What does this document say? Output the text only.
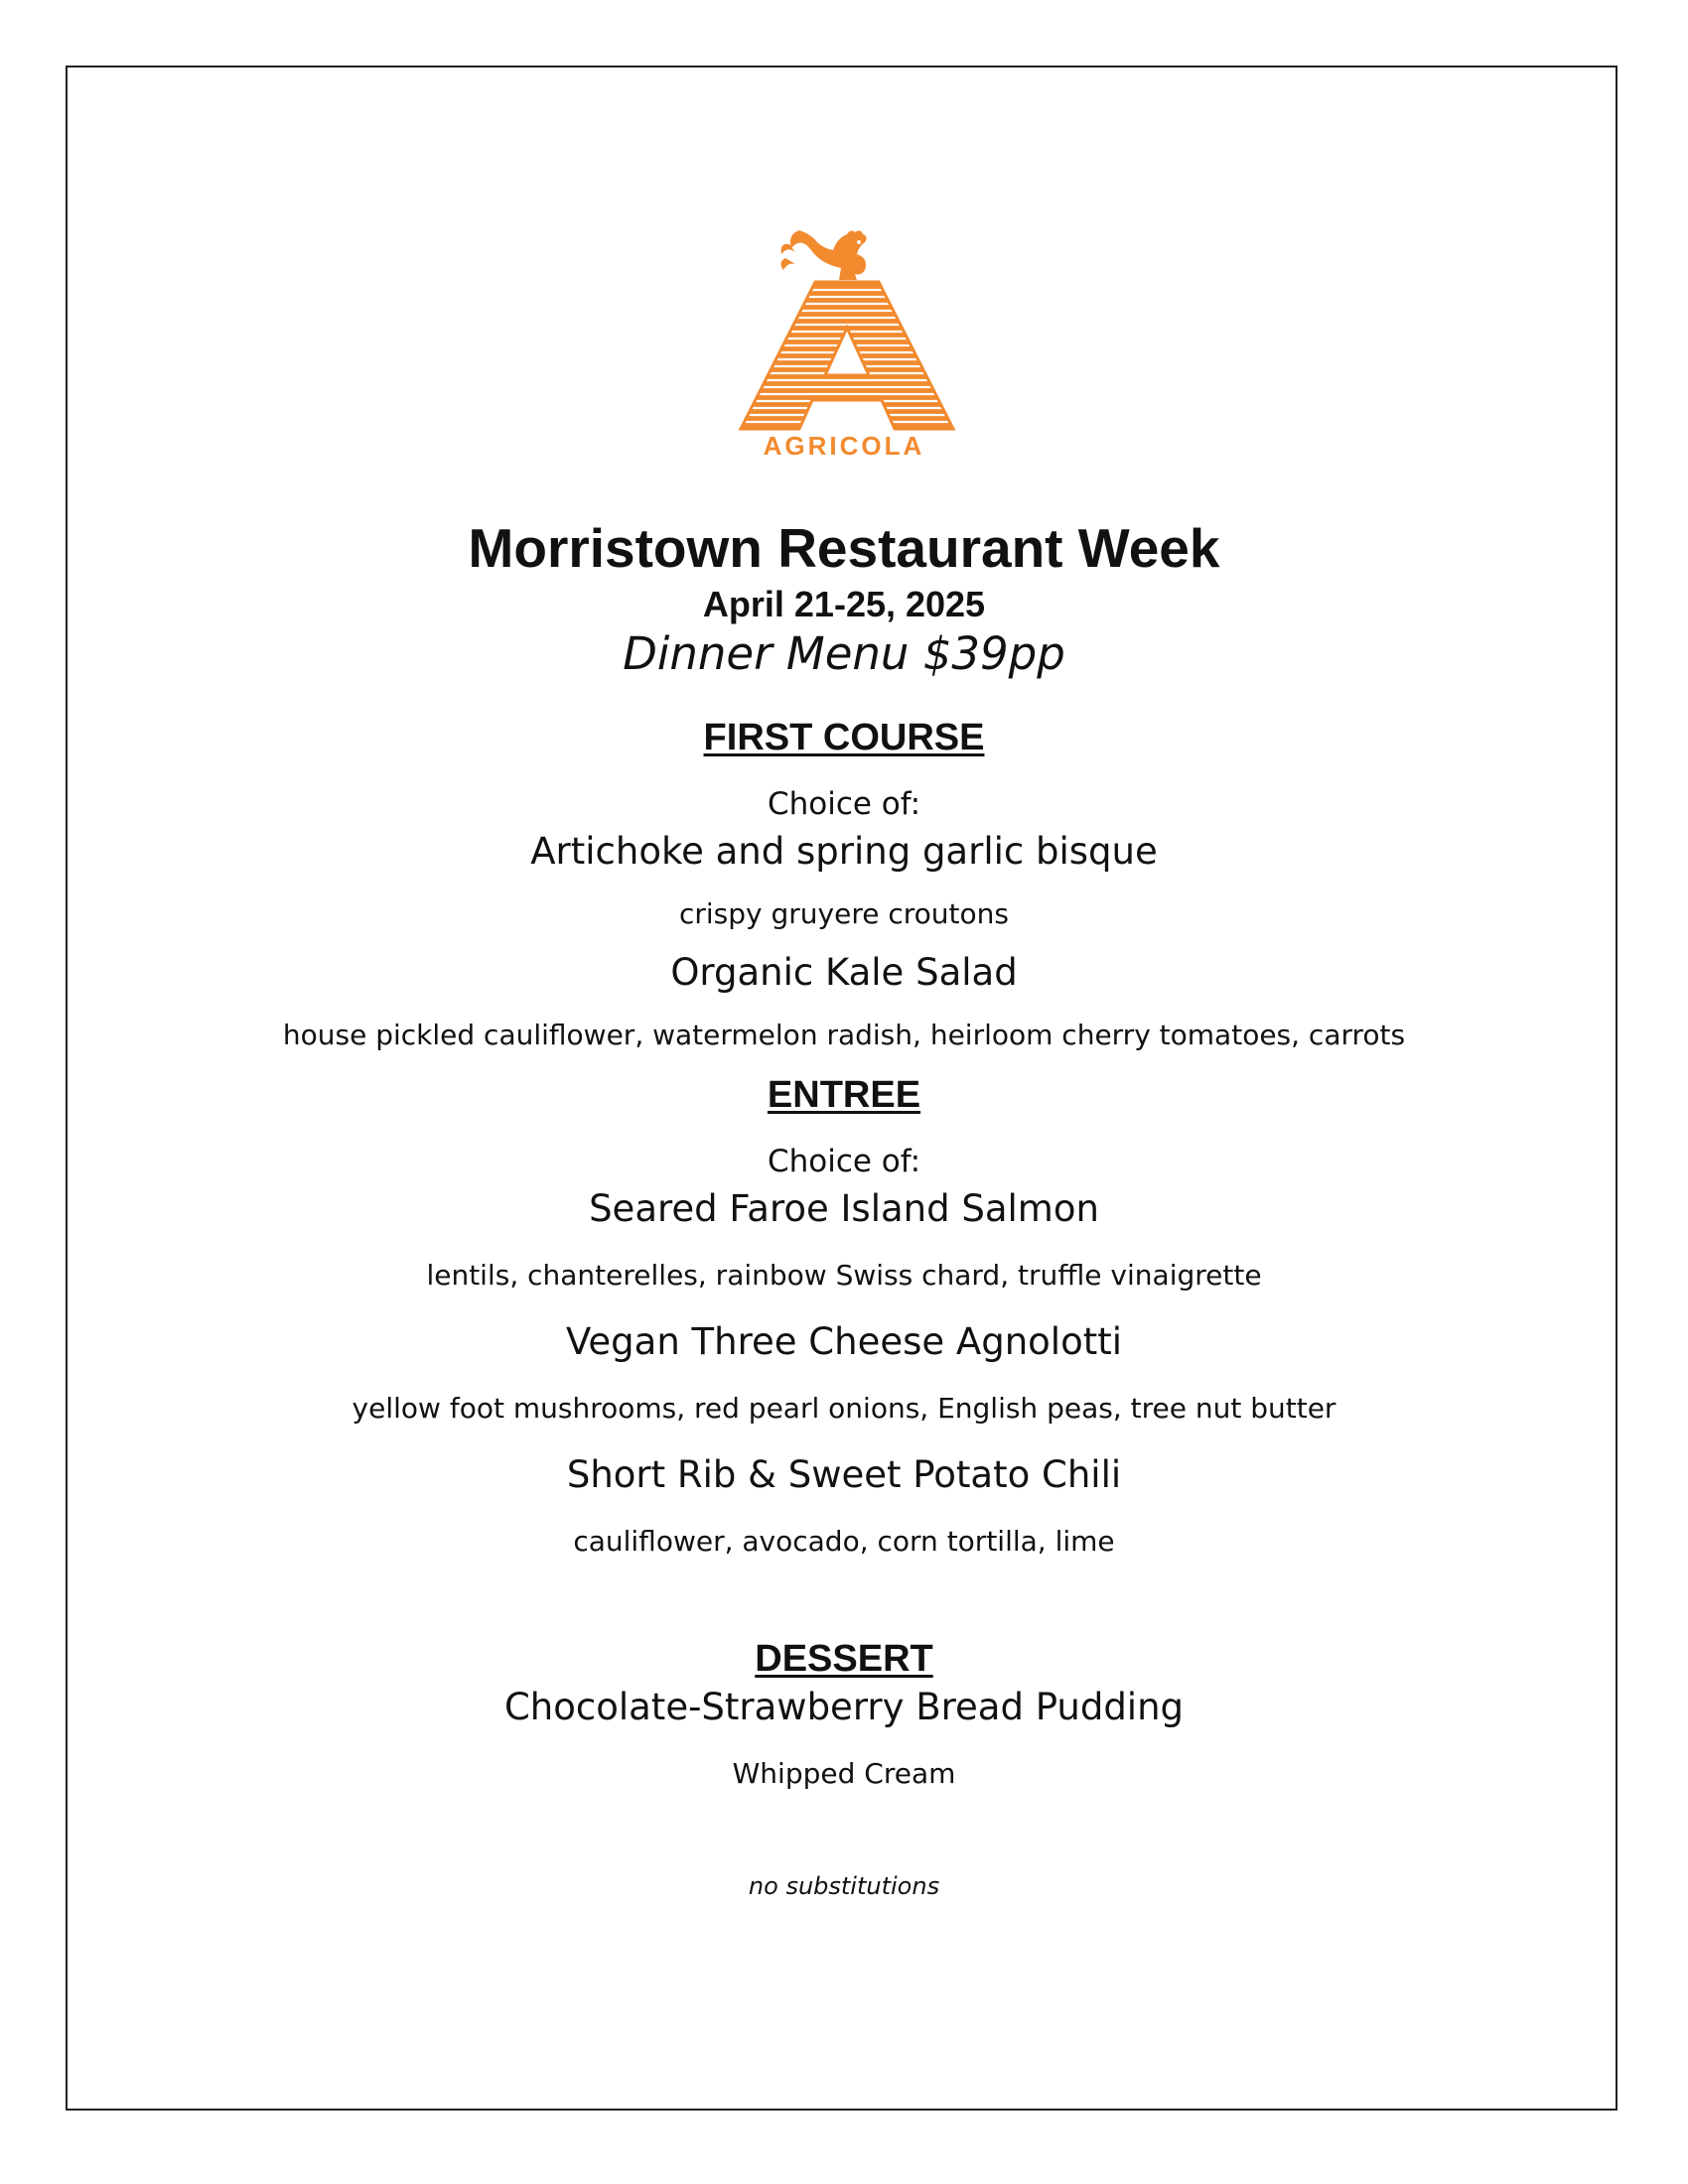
AGRICOLA
Morristown Restaurant Week
April 21-25, 2025
Dinner Menu $39pp
FIRST COURSE
Choice of:
Artichoke and spring garlic bisque
crispy gruyere croutons
Organic Kale Salad
house pickled cauliflower, watermelon radish, heirloom cherry tomatoes, carrots
ENTREE
Choice of:
Seared Faroe Island Salmon
lentils, chanterelles, rainbow Swiss chard, truffle vinaigrette
Vegan Three Cheese Agnolotti
yellow foot mushrooms, red pearl onions, English peas, tree nut butter
Short Rib & Sweet Potato Chili
cauliflower, avocado, corn tortilla, lime
DESSERT
Chocolate-Strawberry Bread Pudding
Whipped Cream
no substitutions
